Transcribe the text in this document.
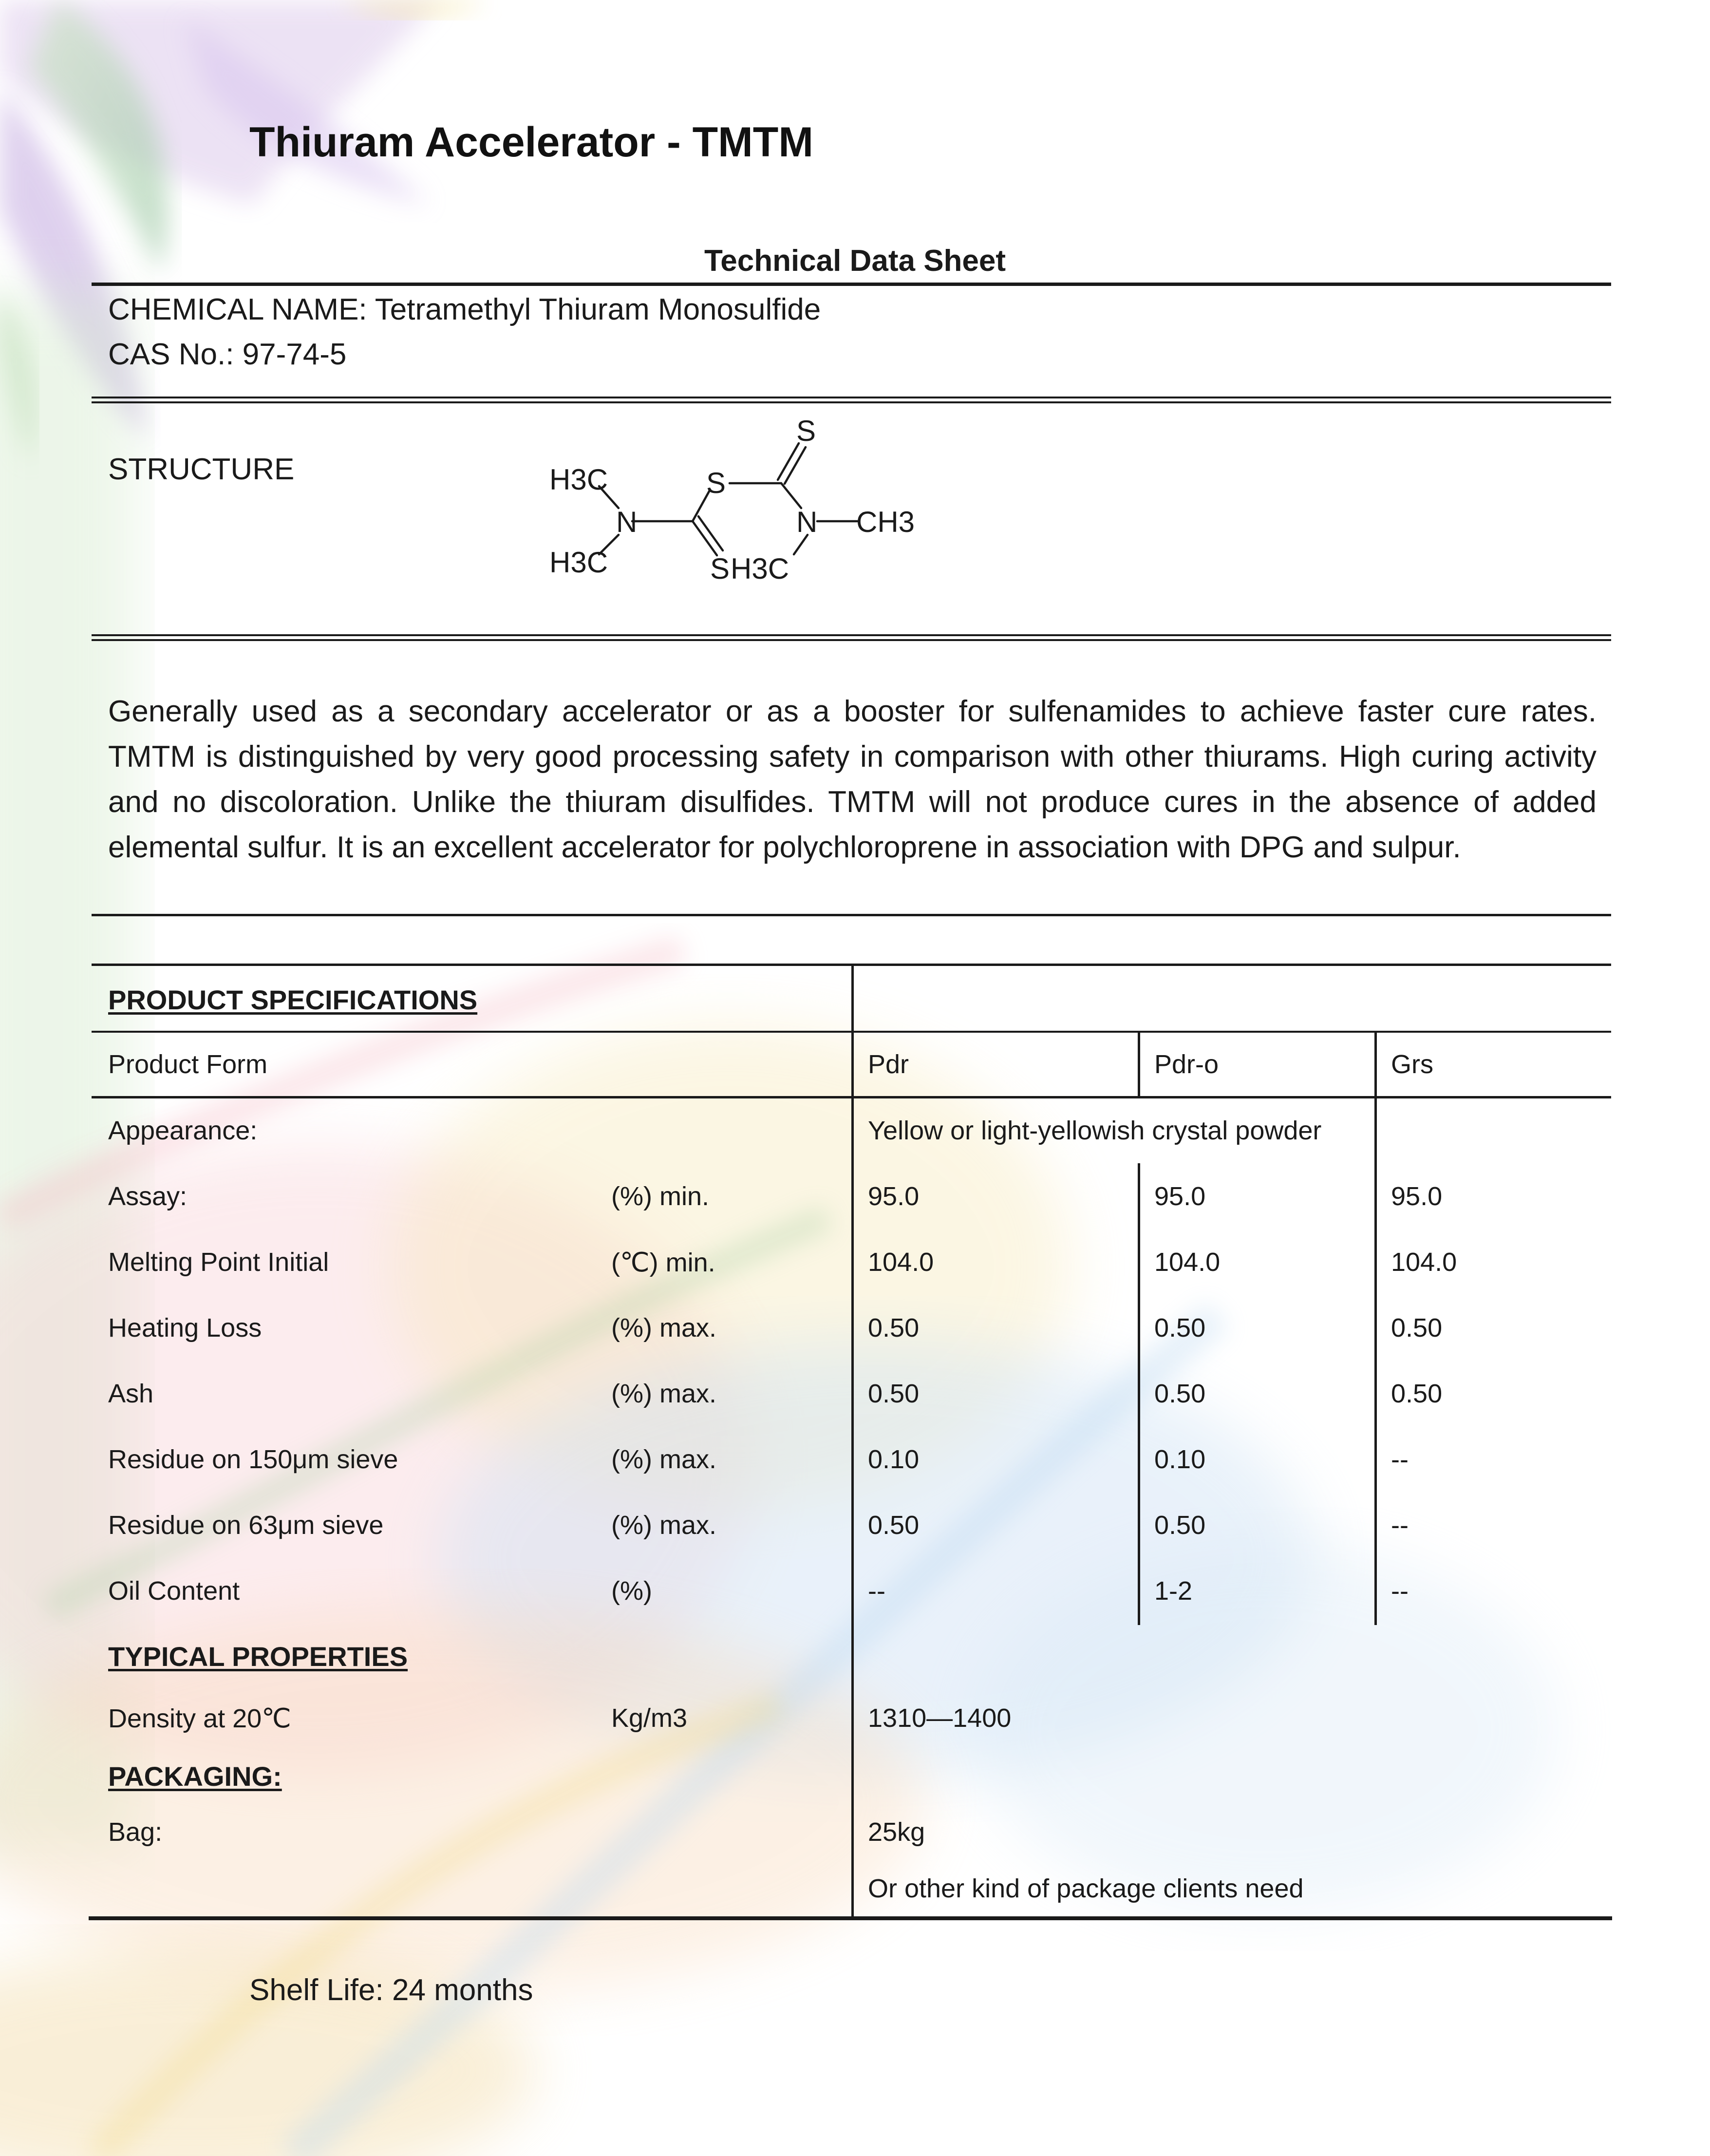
Thiuram Accelerator - TMTM
Technical Data Sheet
CHEMICAL NAME: Tetramethyl Thiuram Monosulfide
CAS No.: 97-74-5
STRUCTURE	H3C
H3C
N
S
S
S H3C
N CH3
Generally used as a secondary accelerator or as a booster for sulfenamides to achieve faster cure rates. TMTM is distinguished by very good processing safety in comparison with other thiurams. High curing activity and no discoloration. Unlike the thiuram disulfides. TMTM will not produce cures in the absence of added elemental sulfur. It is an excellent accelerator for polychloroprene in association with DPG and sulpur.
PRODUCT SPECIFICATIONS
Product Form	Pdr	Pdr-o	Grs
Appearance:	Yellow or light-yellowish crystal powder
Assay:	(%) min.	95.0	95.0	95.0
Melting Point Initial	(℃) min.	104.0	104.0	104.0
Heating Loss	(%) max.	0.50	0.50	0.50
Ash	(%) max.	0.50	0.50	0.50
Residue on 150μm sieve	(%) max.	0.10	0.10	--
Residue on 63μm sieve	(%) max.	0.50	0.50	--
Oil Content	(%)	--	1-2	--
TYPICAL PROPERTIES
Density at 20℃	Kg/m3	1310—1400
PACKAGING:
Bag:	25kg
Or other kind of package clients need
Shelf Life: 24 months
